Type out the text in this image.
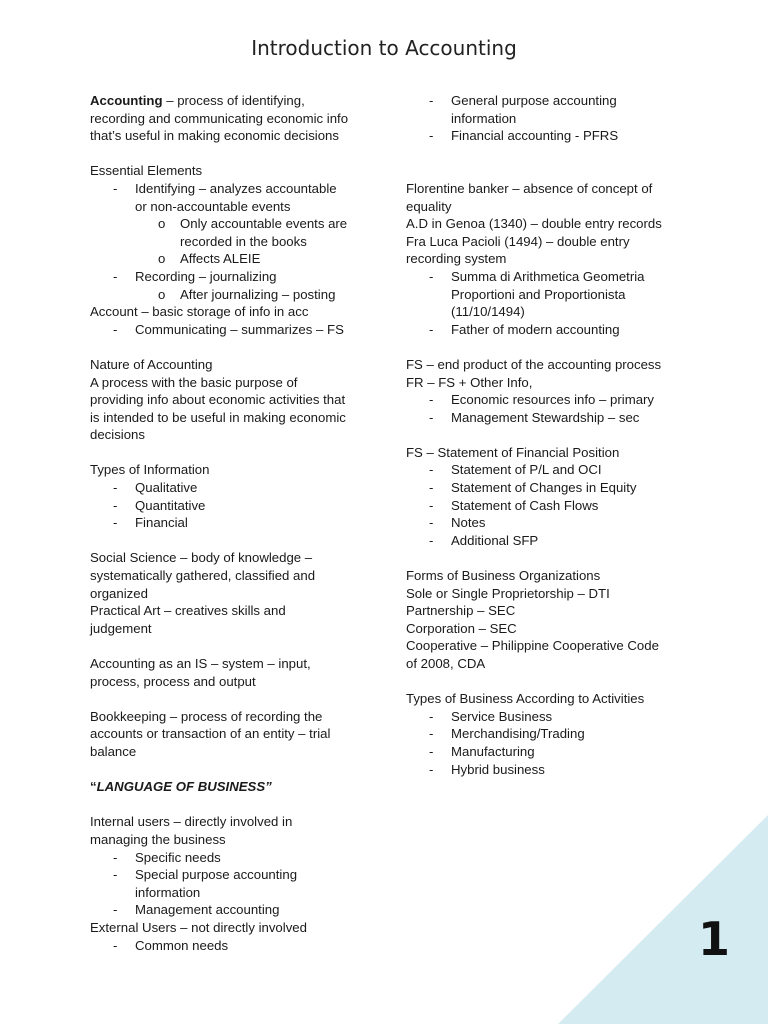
Introduction to Accounting
Accounting – process of identifying,
recording and communicating economic info
that’s useful in making economic decisions
Essential Elements
- Identifying – analyzes accountable
or non-accountable events
o Only accountable events are
recorded in the books
o Affects ALEIE
- Recording – journalizing
o After journalizing – posting
Account – basic storage of info in acc
- Communicating – summarizes – FS
Nature of Accounting
A process with the basic purpose of
providing info about economic activities that
is intended to be useful in making economic
decisions
Types of Information
- Qualitative
- Quantitative
- Financial
Social Science – body of knowledge –
systematically gathered, classified and
organized
Practical Art – creatives skills and
judgement
Accounting as an IS – system – input,
process, process and output
Bookkeeping – process of recording the
accounts or transaction of an entity – trial
balance
“LANGUAGE OF BUSINESS”
Internal users – directly involved in
managing the business
- Specific needs
- Special purpose accounting
information
- Management accounting
External Users – not directly involved
- Common needs
- General purpose accounting
information
- Financial accounting - PFRS
Florentine banker – absence of concept of
equality
A.D in Genoa (1340) – double entry records
Fra Luca Pacioli (1494) – double entry
recording system
- Summa di Arithmetica Geometria
Proportioni and Proportionista
(11/10/1494)
- Father of modern accounting
FS – end product of the accounting process
FR – FS + Other Info,
- Economic resources info – primary
- Management Stewardship – sec
FS – Statement of Financial Position
- Statement of P/L and OCI
- Statement of Changes in Equity
- Statement of Cash Flows
- Notes
- Additional SFP
Forms of Business Organizations
Sole or Single Proprietorship – DTI
Partnership – SEC
Corporation – SEC
Cooperative – Philippine Cooperative Code
of 2008, CDA
Types of Business According to Activities
- Service Business
- Merchandising/Trading
- Manufacturing
- Hybrid business
1
